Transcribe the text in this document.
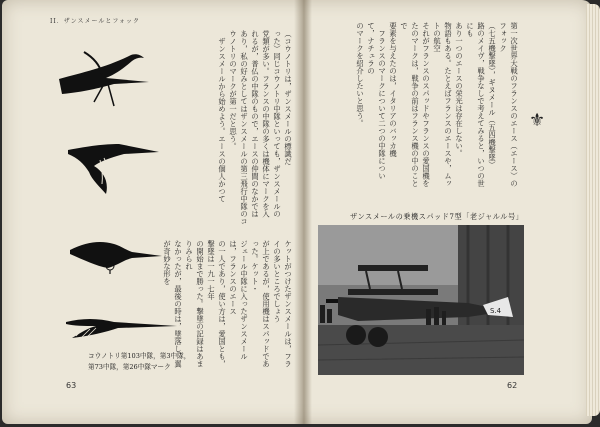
II．ザンスメールとフォック
（コウノトリは，ザンスメールの標識だ
った）同じコウノトリ中隊といっても，ザンスメールの
党類が多い。フランスの中隊の多くは機体にマークを入
れるが，普仏の中隊のもので，エースの仲間のなかでは
あり，私の好みとしてはザンスメールの第三飛行中隊のコ
ウノトリのマークが第一だと思う。
　ザンスメールから始めよう。エースの個人かつて
ケットがつけたザンスメールは，フライの多いところでしょう
が上であるが，使用機はスパッドであった。ケット・
ジェール中隊に入ったザンスメールは，フランスのエース
の一人であり，使い方は，愛国とも，撃墜は一九一七年
の開始まで勝った。撃墜の記録はあまりみられ
なかったが，最後の時は，墜落し，翼が奇妙な形を
コウノトリ第103中隊，第3中隊，
第73中隊，第26中隊マーク
第一次世界大戦のフランスのエース（エース）のフォック
（七五機撃墜），ギヌメール（五四機撃墜）
路のメイヴ，戦争なしで考えてみると，いつの世にも
あり一つのエースの栄光は存在しない。
物語もある。たとえばフランスのエースや，ムットの航空
それがフランスのスパッドやフランスの愛国機を
たのマークは，戦争の前はフランス機の中のことで
要素を与えたのは，イタリアのバッカ機
　フランスのマークについて二つの中隊について，ナチュラの
のマークを紹介したいと思う。	⚜
ザンスメールの乗機スパッド7型「老ジャルル号」
S.4
63	62
